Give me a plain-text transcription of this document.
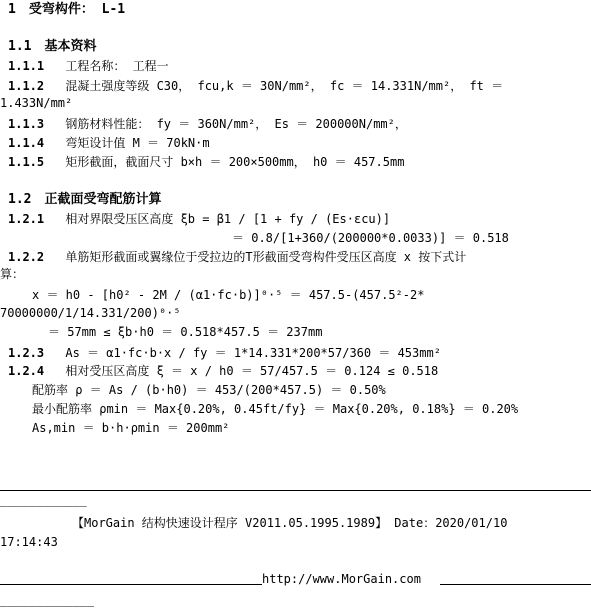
1　受弯构件： L-1
1.1　基本资料
1.1.1 工程名称： 工程一
1.1.2 混凝土强度等级 C30， fcu,k ＝ 30N/mm²， fc ＝ 14.331N/mm²， ft ＝
1.433N/mm²
1.1.3 钢筋材料性能： fy ＝ 360N/mm²， Es ＝ 200000N/mm²，
1.1.4 弯矩设计值 M ＝ 70kN·m
1.1.5 矩形截面，截面尺寸 b×h ＝ 200×500mm， h0 ＝ 457.5mm
1.2　正截面受弯配筋计算
1.2.1 相对界限受压区高度 ξb = β1 / [1 + fy / (Es·εcu)]
＝ 0.8/[1+360/(200000*0.0033)] ＝ 0.518
1.2.2 单筋矩形截面或翼缘位于受拉边的T形截面受弯构件受压区高度 x 按下式计
算：
x ＝ h0 - [h0² - 2M / (α1·fc·b)]⁰·⁵ ＝ 457.5-(457.5²-2*
70000000/1/14.331/200)⁰·⁵
＝ 57mm ≤ ξb·h0 ＝ 0.518*457.5 ＝ 237mm
1.2.3 As ＝ α1·fc·b·x / fy ＝ 1*14.331*200*57/360 ＝ 453mm²
1.2.4 相对受压区高度 ξ ＝ x / h0 ＝ 57/457.5 ＝ 0.124 ≤ 0.518
配筋率 ρ ＝ As / (b·h0) ＝ 453/(200*457.5) ＝ 0.50%
最小配筋率 ρmin ＝ Max{0.20%, 0.45ft/fy} ＝ Max{0.20%, 0.18%} ＝ 0.20%
As,min ＝ b·h·ρmin ＝ 200mm²
____________
【MorGain 结构快速设计程序 V2011.05.1995.1989】 Date：2020/01/10
17:14:43
http://www.MorGain.com
_____________
